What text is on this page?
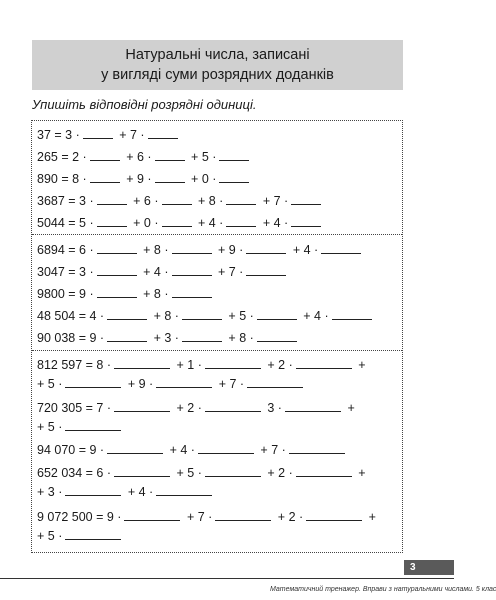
Натуральні числа, записані
у вигляді суми розрядних доданків
Упишіть відповідні розрядні одиниці.
37 = 3 ·	+ 7 ·
265 = 2 ·	+ 6 ·	+ 5 ·
890 = 8 ·	+ 9 ·	+ 0 ·
3687 = 3 ·	+ 6 ·	+ 8 ·	+ 7 ·
5044 = 5 ·	+ 0 ·	+ 4 ·	+ 4 ·
6894 = 6 ·	+ 8 ·	+ 9 ·	+ 4 ·
3047 = 3 ·	+ 4 ·	+ 7 ·
9800 = 9 ·	+ 8 ·
48 504 = 4 ·	+ 8 ·	+ 5 ·	+ 4 ·
90 038 = 9 ·	+ 3 ·	+ 8 ·
812 597 = 8 ·	+ 1 ·	+ 2 ·	+
+ 5 ·	+ 9 ·	+ 7 ·
720 305 = 7 ·	+ 2 ·	3 ·	+
+ 5 ·
94 070 = 9 ·	+ 4 ·	+ 7 ·
652 034 = 6 ·	+ 5 ·	+ 2 ·	+
+ 3 ·	+ 4 ·
9 072 500 = 9 ·	+ 7 ·	+ 2 ·	+
+ 5 ·
3
Математичний тренажер. Вправи з натуральними числами. 5 клас
